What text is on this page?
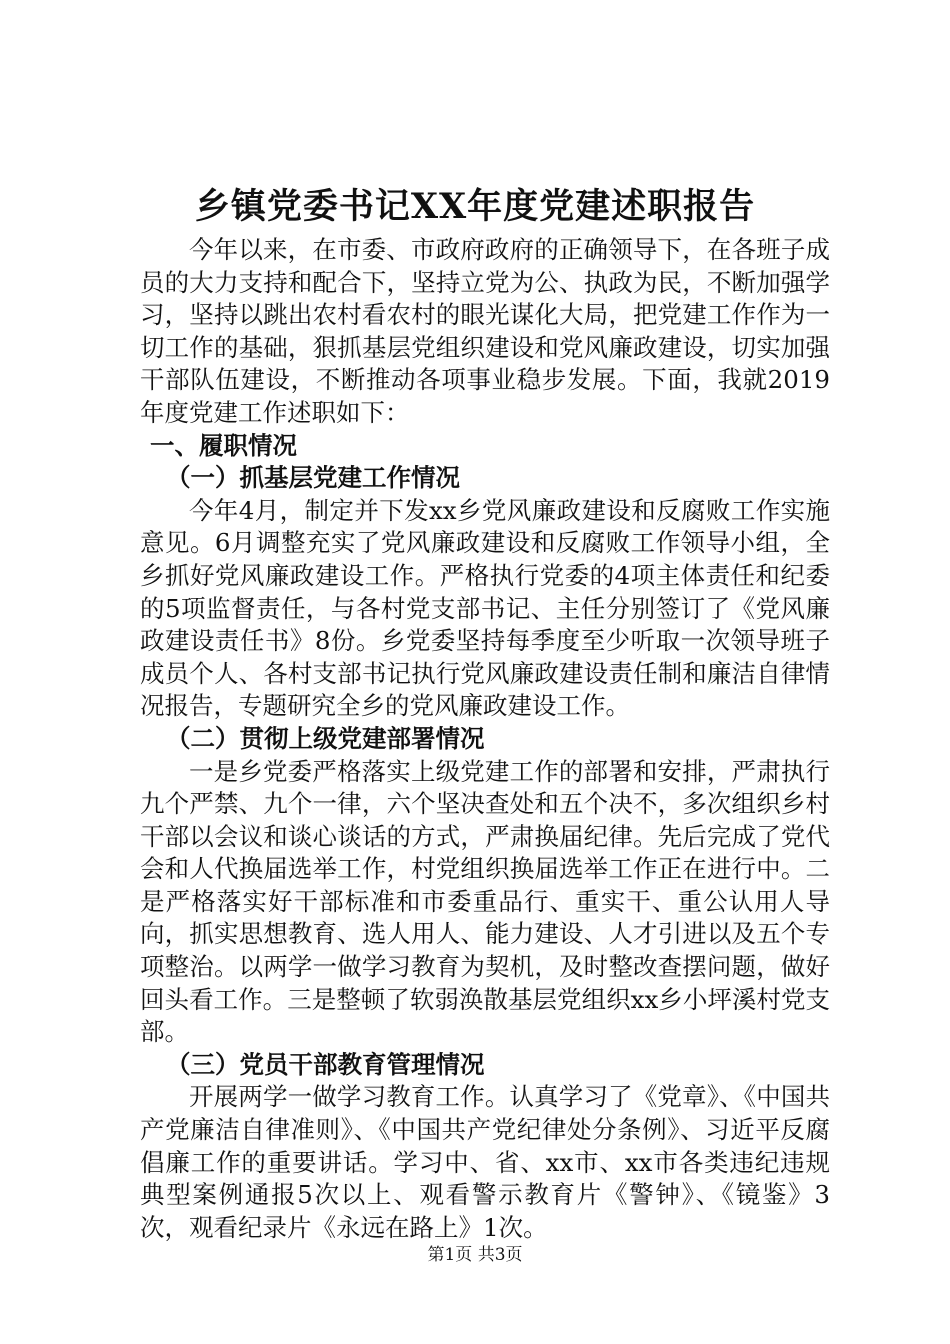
乡镇党委书记XX年度党建述职报告

今年以来，在市委、市政府政府的正确领导下，在各班子成员的大力支持和配合下，坚持立党为公、执政为民，不断加强学习，坚持以跳出农村看农村的眼光谋化大局，把党建工作作为一切工作的基础，狠抓基层党组织建设和党风廉政建设，切实加强干部队伍建设，不断推动各项事业稳步发展。下面，我就2019年度党建工作述职如下：

一、履职情况

（一）抓基层党建工作情况

今年4月，制定并下发xx乡党风廉政建设和反腐败工作实施意见。6月调整充实了党风廉政建设和反腐败工作领导小组，全乡抓好党风廉政建设工作。严格执行党委的4项主体责任和纪委的5项监督责任，与各村党支部书记、主任分别签订了《党风廉政建设责任书》8份。乡党委坚持每季度至少听取一次领导班子成员个人、各村支部书记执行党风廉政建设责任制和廉洁自律情况报告，专题研究全乡的党风廉政建设工作。

（二）贯彻上级党建部署情况

一是乡党委严格落实上级党建工作的部署和安排，严肃执行九个严禁、九个一律，六个坚决查处和五个决不，多次组织乡村干部以会议和谈心谈话的方式，严肃换届纪律。先后完成了党代会和人代换届选举工作，村党组织换届选举工作正在进行中。二是严格落实好干部标准和市委重品行、重实干、重公认用人导向，抓实思想教育、选人用人、能力建设、人才引进以及五个专项整治。以两学一做学习教育为契机，及时整改查摆问题，做好回头看工作。三是整顿了软弱涣散基层党组织xx乡小坪溪村党支部。

（三）党员干部教育管理情况

开展两学一做学习教育工作。认真学习了《党章》、《中国共产党廉洁自律准则》、《中国共产党纪律处分条例》、习近平反腐倡廉工作的重要讲话。学习中、省、xx市、xx市各类违纪违规典型案例通报5次以上、观看警示教育片《警钟》、《镜鉴》3次，观看纪录片《永远在路上》1次。

第1页 共3页
